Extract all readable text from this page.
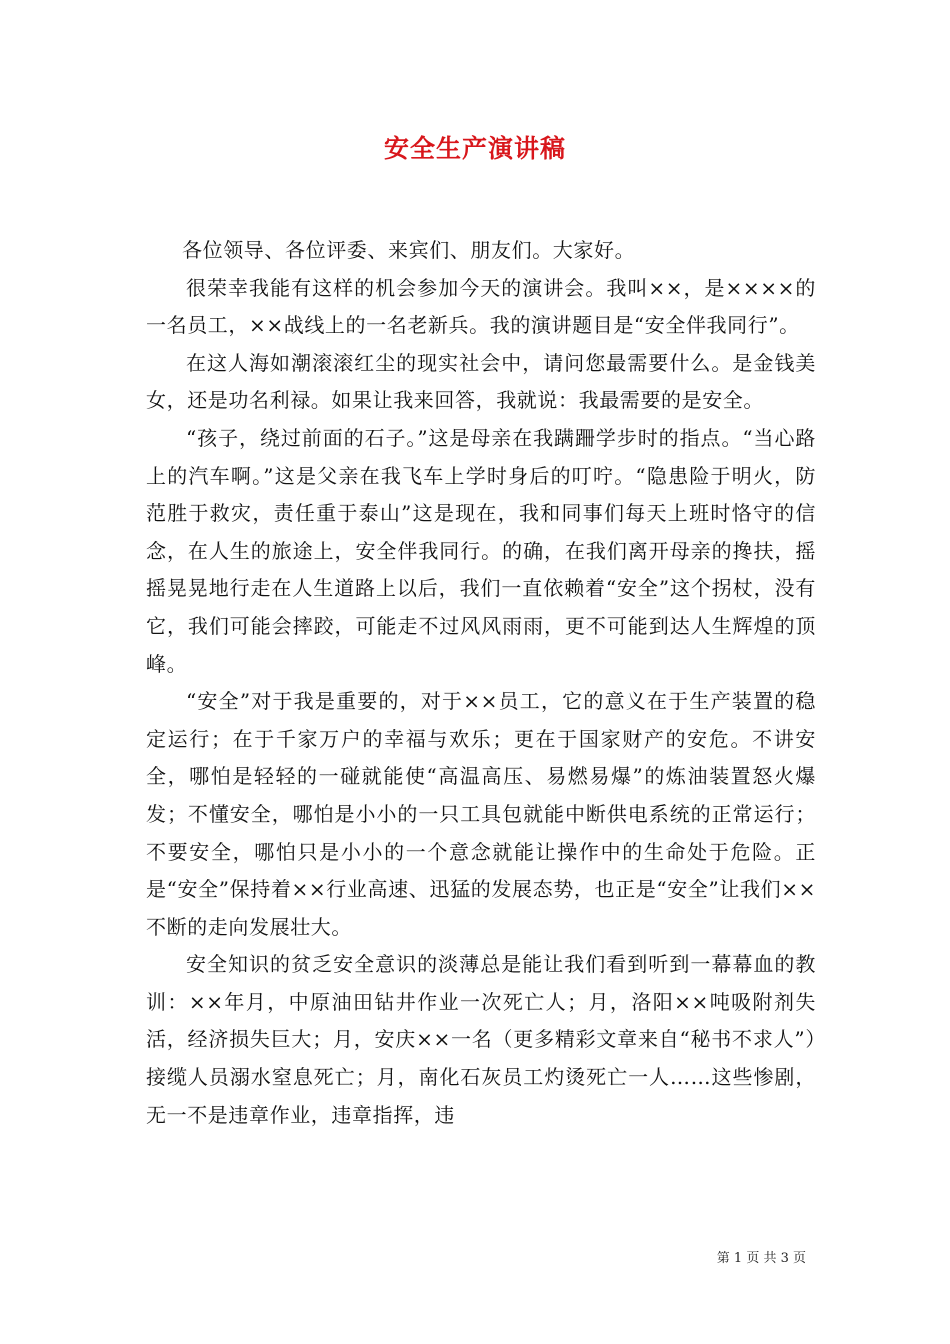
安全生产演讲稿

各位领导、各位评委、来宾们、朋友们。大家好。

很荣幸我能有这样的机会参加今天的演讲会。我叫××，是××××的一名员工，××战线上的一名老新兵。我的演讲题目是“安全伴我同行”。

在这人海如潮滚滚红尘的现实社会中，请问您最需要什么。是金钱美女，还是功名利禄。如果让我来回答，我就说：我最需要的是安全。

“孩子，绕过前面的石子。”这是母亲在我蹒跚学步时的指点。“当心路上的汽车啊。”这是父亲在我飞车上学时身后的叮咛。“隐患险于明火，防范胜于救灾，责任重于泰山”这是现在，我和同事们每天上班时恪守的信念，在人生的旅途上，安全伴我同行。的确，在我们离开母亲的搀扶，摇摇晃晃地行走在人生道路上以后，我们一直依赖着“安全”这个拐杖，没有它，我们可能会摔跤，可能走不过风风雨雨，更不可能到达人生辉煌的顶峰。

“安全”对于我是重要的，对于××员工，它的意义在于生产装置的稳定运行；在于千家万户的幸福与欢乐；更在于国家财产的安危。不讲安全，哪怕是轻轻的一碰就能使“高温高压、易燃易爆”的炼油装置怒火爆发；不懂安全，哪怕是小小的一只工具包就能中断供电系统的正常运行；不要安全，哪怕只是小小的一个意念就能让操作中的生命处于危险。正是“安全”保持着××行业高速、迅猛的发展态势，也正是“安全”让我们××不断的走向发展壮大。

安全知识的贫乏安全意识的淡薄总是能让我们看到听到一幕幕血的教训：××年月，中原油田钻井作业一次死亡人；月，洛阳××吨吸附剂失活，经济损失巨大；月，安庆××一名（更多精彩文章来自“秘书不求人”）接缆人员溺水窒息死亡；月，南化石灰员工灼烫死亡一人……这些惨剧，无一不是违章作业，违章指挥，违

第 1 页 共 3 页
